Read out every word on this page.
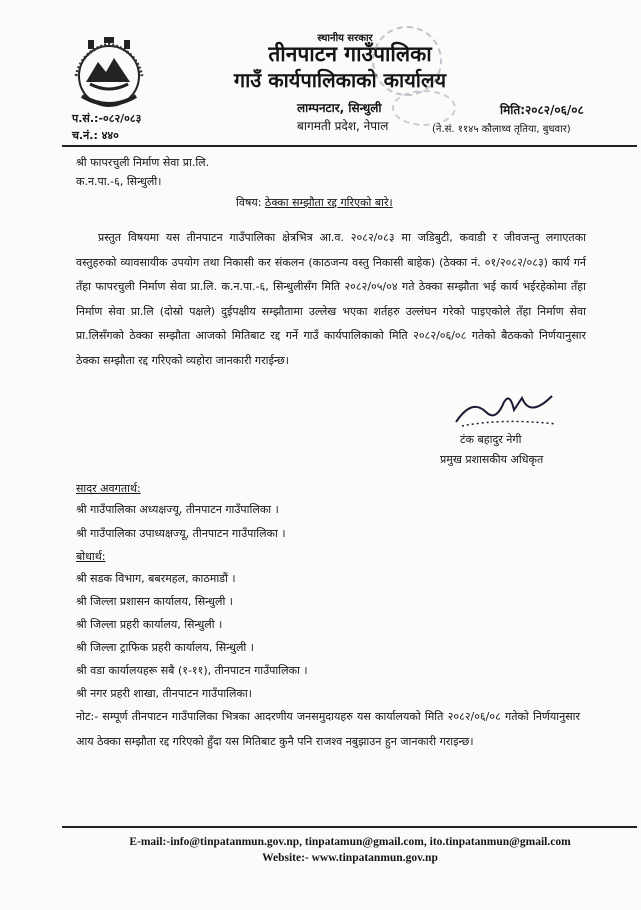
स्थानीय सरकार
तीनपाटन गाउँपालिका
गाउँ कार्यपालिकाको कार्यालय
लाम्पनटार, सिन्धुली
बागमती प्रदेश, नेपाल
मिति:२०८२/०६/०८
(ने.सं. ११४५ कौलाथ्व तृतिया, बुधवार)
प.सं.:-०८२/०८३
च.नं.: ४४०
श्री फापरचुली निर्माण सेवा प्रा.लि.
क.न.पा.-६, सिन्धुली।
विषय: ठेक्का सम्झौता रद्द गरिएको बारे।
प्रस्तुत विषयमा यस तीनपाटन गाउँपालिका क्षेत्रभित्र आ.व. २०८२/०८३ मा जडिबुटी, कवाडी र जीवजन्तु लगाएतका वस्तुहरुको व्यावसायीक उपयोग तथा निकासी कर संकलन (काठजन्य वस्तु निकासी बाहेक) (ठेक्का नं. ०१/२०८२/०८३) कार्य गर्न तँहा फापरचुली निर्माण सेवा प्रा.लि. क.न.पा.-६, सिन्धुलीसँग मिति २०८२/०५/०४ गते ठेक्का सम्झौता भई कार्य भईरहेकोमा तँहा निर्माण सेवा प्रा.लि (दोस्रो पक्षले) दुईपक्षीय सम्झौतामा उल्लेख भएका शर्तहरु उल्लंघन गरेको पाइएकोले तँहा निर्माण सेवा प्रा.लिसँगको ठेक्का सम्झौता आजको मितिबाट रद्द गर्ने गाउँ कार्यपालिकाको मिति २०८२/०६/०८ गतेको बैठकको निर्णयानुसार ठेक्का सम्झौता रद्द गरिएको व्यहोरा जानकारी गराईन्छ।
टंक बहादुर नेगी
प्रमुख प्रशासकीय अधिकृत
सादर अवगतार्थ:
श्री गाउँपालिका अध्यक्षज्यू, तीनपाटन गाउँपालिका ।
श्री गाउँपालिका उपाध्यक्षज्यू, तीनपाटन गाउँपालिका ।
बोधार्थ:
श्री सडक विभाग, बबरमहल, काठमाडौं ।
श्री जिल्ला प्रशासन कार्यालय, सिन्धुली ।
श्री जिल्ला प्रहरी कार्यालय, सिन्धुली ।
श्री जिल्ला ट्राफिक प्रहरी कार्यालय, सिन्धुली ।
श्री वडा कार्यालयहरू सबै (१-११), तीनपाटन गाउँपालिका ।
श्री नगर प्रहरी शाखा, तीनपाटन गाउँपालिका।
नोट:- सम्पूर्ण तीनपाटन गाउँपालिका भित्रका आदरणीय जनसमुदायहरु यस कार्यालयको मिति २०८२/०६/०८ गतेको निर्णयानुसार आय ठेक्का सम्झौता रद्द गरिएको हुँदा यस मितिबाट कुनै पनि राजश्व नबुझाउन हुन जानकारी गराइन्छ।
E-mail:-info@tinpatanmun.gov.np, tinpatamun@gmail.com, ito.tinpatanmun@gmail.com
Website:- www.tinpatanmun.gov.np
